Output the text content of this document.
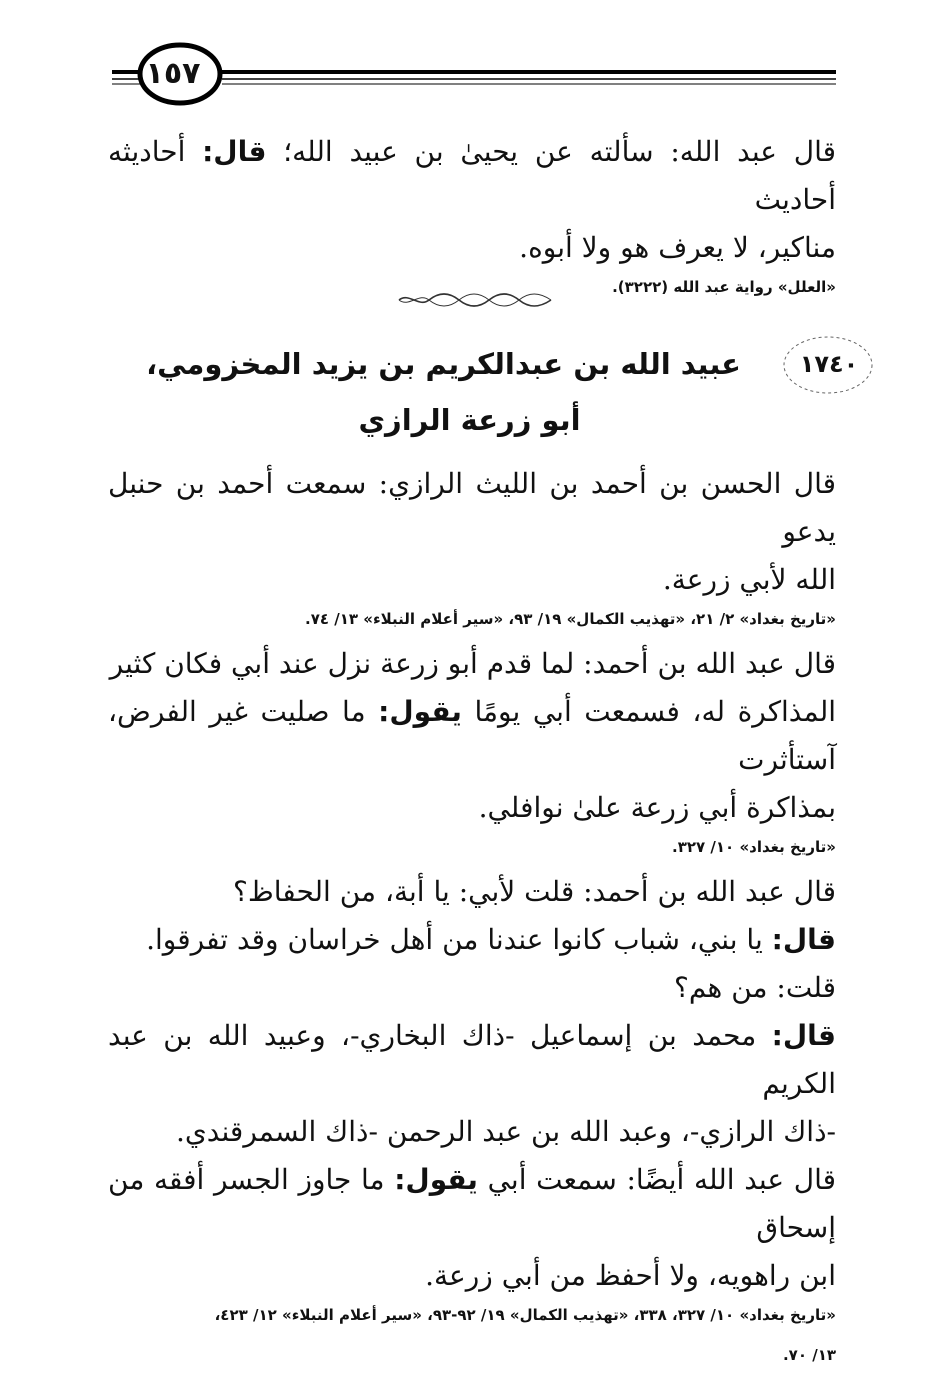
١٥٧

قال عبد الله: سألته عن يحيىٰ بن عبيد الله؛ قال: أحاديثه أحاديث

مناكير، لا يعرف هو ولا أبوه.

«العلل» رواية عبد الله (٣٢٢٢).

١٧٤٠
عبيد الله بن عبدالكريم بن يزيد المخزومي،
أبو زرعة الرازي

قال الحسن بن أحمد بن الليث الرازي: سمعت أحمد بن حنبل يدعو

الله لأبي زرعة.

«تاريخ بغداد» ٢/ ٢١، «تهذيب الكمال» ١٩/ ٩٣، «سير أعلام النبلاء» ١٣/ ٧٤.

قال عبد الله بن أحمد: لما قدم أبو زرعة نزل عند أبي فكان كثير

المذاكرة له، فسمعت أبي يومًا يقول: ما صليت غير الفرض، آستأثرت

بمذاكرة أبي زرعة علىٰ نوافلي.

«تاريخ بغداد» ١٠/ ٣٢٧.

قال عبد الله بن أحمد: قلت لأبي: يا أبة، من الحفاظ؟

قال: يا بني، شباب كانوا عندنا من أهل خراسان وقد تفرقوا.

قلت: من هم؟

قال: محمد بن إسماعيل -ذاك البخاري-، وعبيد الله بن عبد الكريم

-ذاك الرازي-، وعبد الله بن عبد الرحمن -ذاك السمرقندي.

قال عبد الله أيضًا: سمعت أبي يقول: ما جاوز الجسر أفقه من إسحاق

ابن راهويه، ولا أحفظ من أبي زرعة.

«تاريخ بغداد» ١٠/ ٣٢٧، ٣٣٨، «تهذيب الكمال» ١٩/ ٩٢-٩٣، «سير أعلام النبلاء» ١٢/ ٤٢٣،

١٣/ ٧٠.
